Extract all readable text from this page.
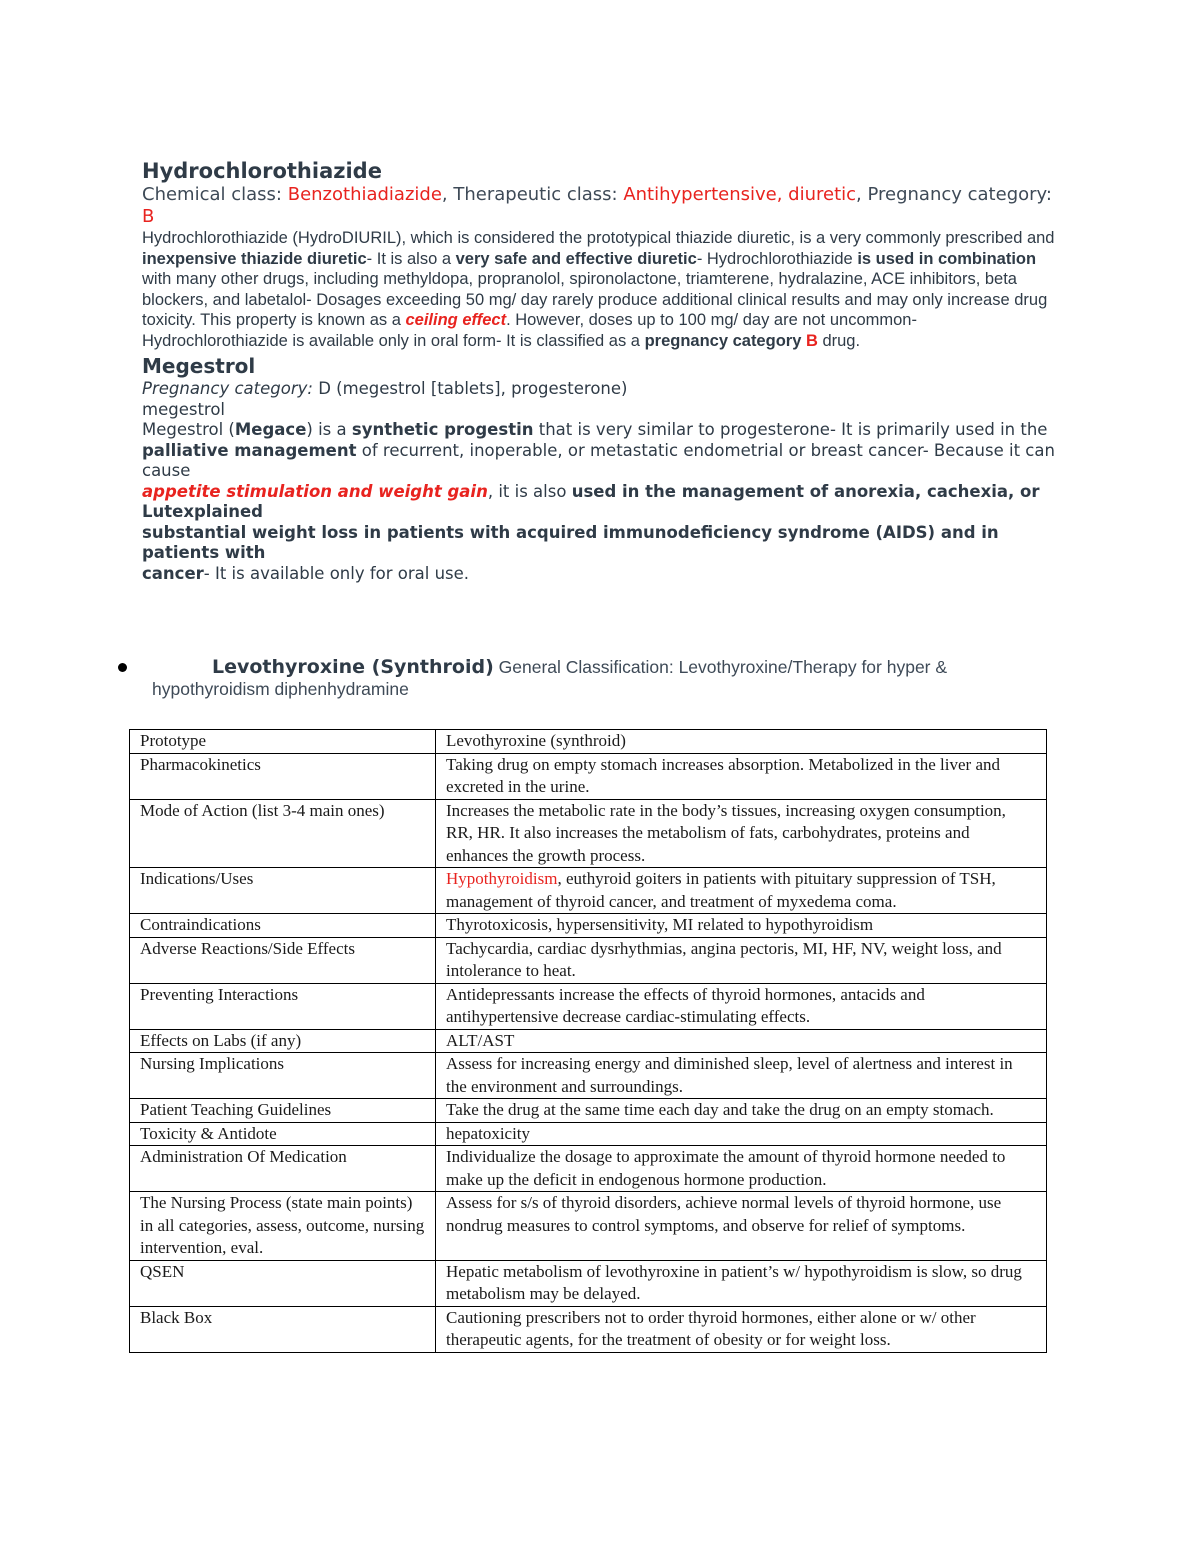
Hydrochlorothiazide
Chemical class: Benzothiadiazide, Therapeutic class: Antihypertensive, diuretic, Pregnancy category: B
Hydrochlorothiazide (HydroDIURIL), which is considered the prototypical thiazide diuretic, is a very commonly prescribed and inexpensive thiazide diuretic- It is also a very safe and effective diuretic- Hydrochlorothiazide is used in combination with many other drugs, including methyldopa, propranolol, spironolactone, triamterene, hydralazine, ACE inhibitors, beta blockers, and labetalol- Dosages exceeding 50 mg/ day rarely produce additional clinical results and may only increase drug toxicity. This property is known as a ceiling effect. However, doses up to 100 mg/ day are not uncommon-Hydrochlorothiazide is available only in oral form- It is classified as a pregnancy category B drug.
Megestrol
Pregnancy category: D (megestrol [tablets], progesterone)
megestrol
Megestrol (Megace) is a synthetic progestin that is very similar to progesterone- It is primarily used in the
palliative management of recurrent, inoperable, or metastatic endometrial or breast cancer- Because it can cause
appetite stimulation and weight gain, it is also used in the management of anorexia, cachexia, or Lutexplained
substantial weight loss in patients with acquired immunodeficiency syndrome (AIDS) and in patients with
cancer- It is available only for oral use.
Levothyroxine (Synthroid) General Classification: Levothyroxine/Therapy for hyper & hypothyroidism diphenhydramine
Prototype	Levothyroxine (synthroid)
Pharmacokinetics	Taking drug on empty stomach increases absorption. Metabolized in the liver and excreted in the urine.
Mode of Action (list 3-4 main ones)	Increases the metabolic rate in the body’s tissues, increasing oxygen consumption, RR, HR. It also increases the metabolism of fats, carbohydrates, proteins and enhances the growth process.
Indications/Uses	Hypothyroidism, euthyroid goiters in patients with pituitary suppression of TSH, management of thyroid cancer, and treatment of myxedema coma.
Contraindications	Thyrotoxicosis, hypersensitivity, MI related to hypothyroidism
Adverse Reactions/Side Effects	Tachycardia, cardiac dysrhythmias, angina pectoris, MI, HF, NV, weight loss, and intolerance to heat.
Preventing Interactions	Antidepressants increase the effects of thyroid hormones, antacids and antihypertensive decrease cardiac-stimulating effects.
Effects on Labs (if any)	ALT/AST
Nursing Implications	Assess for increasing energy and diminished sleep, level of alertness and interest in the environment and surroundings.
Patient Teaching Guidelines	Take the drug at the same time each day and take the drug on an empty stomach.
Toxicity & Antidote	hepatoxicity
Administration Of Medication	Individualize the dosage to approximate the amount of thyroid hormone needed to make up the deficit in endogenous hormone production.
The Nursing Process (state main points) in all categories, assess, outcome, nursing intervention, eval.	Assess for s/s of thyroid disorders, achieve normal levels of thyroid hormone, use nondrug measures to control symptoms, and observe for relief of symptoms.
QSEN	Hepatic metabolism of levothyroxine in patient’s w/ hypothyroidism is slow, so drug metabolism may be delayed.
Black Box	Cautioning prescribers not to order thyroid hormones, either alone or w/ other therapeutic agents, for the treatment of obesity or for weight loss.
